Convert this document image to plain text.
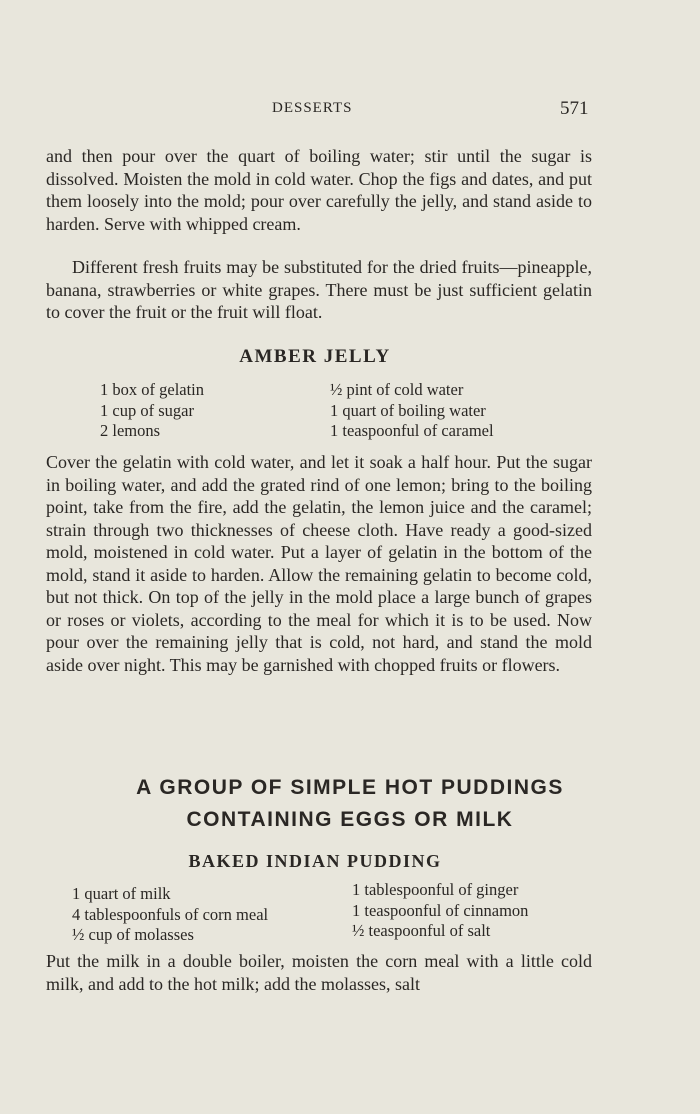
DESSERTS	571

and then pour over the quart of boiling water; stir until the sugar is dissolved. Moisten the mold in cold water. Chop the figs and dates, and put them loosely into the mold; pour over carefully the jelly, and stand aside to harden. Serve with whipped cream.

Different fresh fruits may be substituted for the dried fruits—pineapple, banana, strawberries or white grapes. There must be just sufficient gelatin to cover the fruit or the fruit will float.

AMBER JELLY
1 box of gelatin
1 cup of sugar
2 lemons
½ pint of cold water
1 quart of boiling water
1 teaspoonful of caramel

Cover the gelatin with cold water, and let it soak a half hour. Put the sugar in boiling water, and add the grated rind of one lemon; bring to the boiling point, take from the fire, add the gelatin, the lemon juice and the caramel; strain through two thicknesses of cheese cloth. Have ready a good-sized mold, moistened in cold water. Put a layer of gelatin in the bottom of the mold, stand it aside to harden. Allow the remaining gelatin to become cold, but not thick. On top of the jelly in the mold place a large bunch of grapes or roses or violets, according to the meal for which it is to be used. Now pour over the remaining jelly that is cold, not hard, and stand the mold aside over night. This may be garnished with chopped fruits or flowers.

A GROUP OF SIMPLE HOT PUDDINGS
CONTAINING EGGS OR MILK
BAKED INDIAN PUDDING
1 quart of milk
4 tablespoonfuls of corn meal
½ cup of molasses
1 tablespoonful of ginger
1 teaspoonful of cinnamon
½ teaspoonful of salt

Put the milk in a double boiler, moisten the corn meal with a little cold milk, and add to the hot milk; add the molasses, salt
